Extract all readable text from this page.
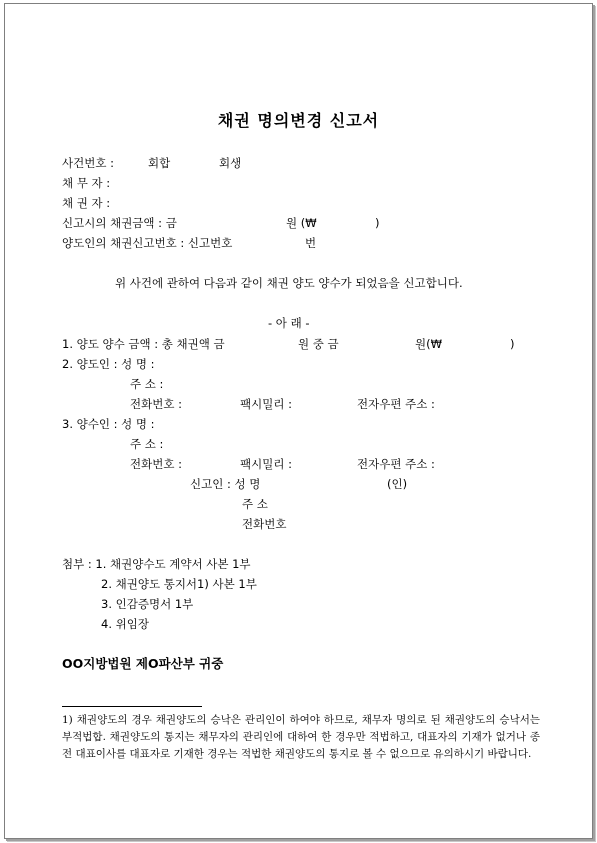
채권 명의변경 신고서
사건번호 :	회합	회생
채 무 자 :
채 권 자 :
신고시의 채권금액 : 금	원 (₩	)
양도인의 채권신고번호 : 신고번호	번
위 사건에 관하여 다음과 같이 채권 양도 양수가 되었음을 신고합니다.
- 아 래 -
1. 양도 양수 금액 : 총 채권액 금	원 중 금	원(₩	)
2. 양도인 : 성 명 :
주 소 :
전화번호 :	팩시밀리 :	전자우편 주소 :
3. 양수인 : 성 명 :
주 소 :
전화번호 :	팩시밀리 :	전자우편 주소 :
신고인 : 성 명	(인)
주 소
전화번호
첨부 : 1. 채권양수도 계약서 사본 1부
2. 채권양도 통지서1) 사본 1부
3. 인감증명서 1부
4. 위임장
OO지방법원 제O파산부 귀중
1) 채권양도의 경우 채권양도의 승낙은 관리인이 하여야 하므로, 채무자 명의로 된 채권양도의 승낙서는 부적법합. 채권양도의 통지는 채무자의 관리인에 대하여 한 경우만 적법하고, 대표자의 기재가 없거나 종전 대표이사를 대표자로 기재한 경우는 적법한 채권양도의 통지로 볼 수 없으므로 유의하시기 바랍니다.
